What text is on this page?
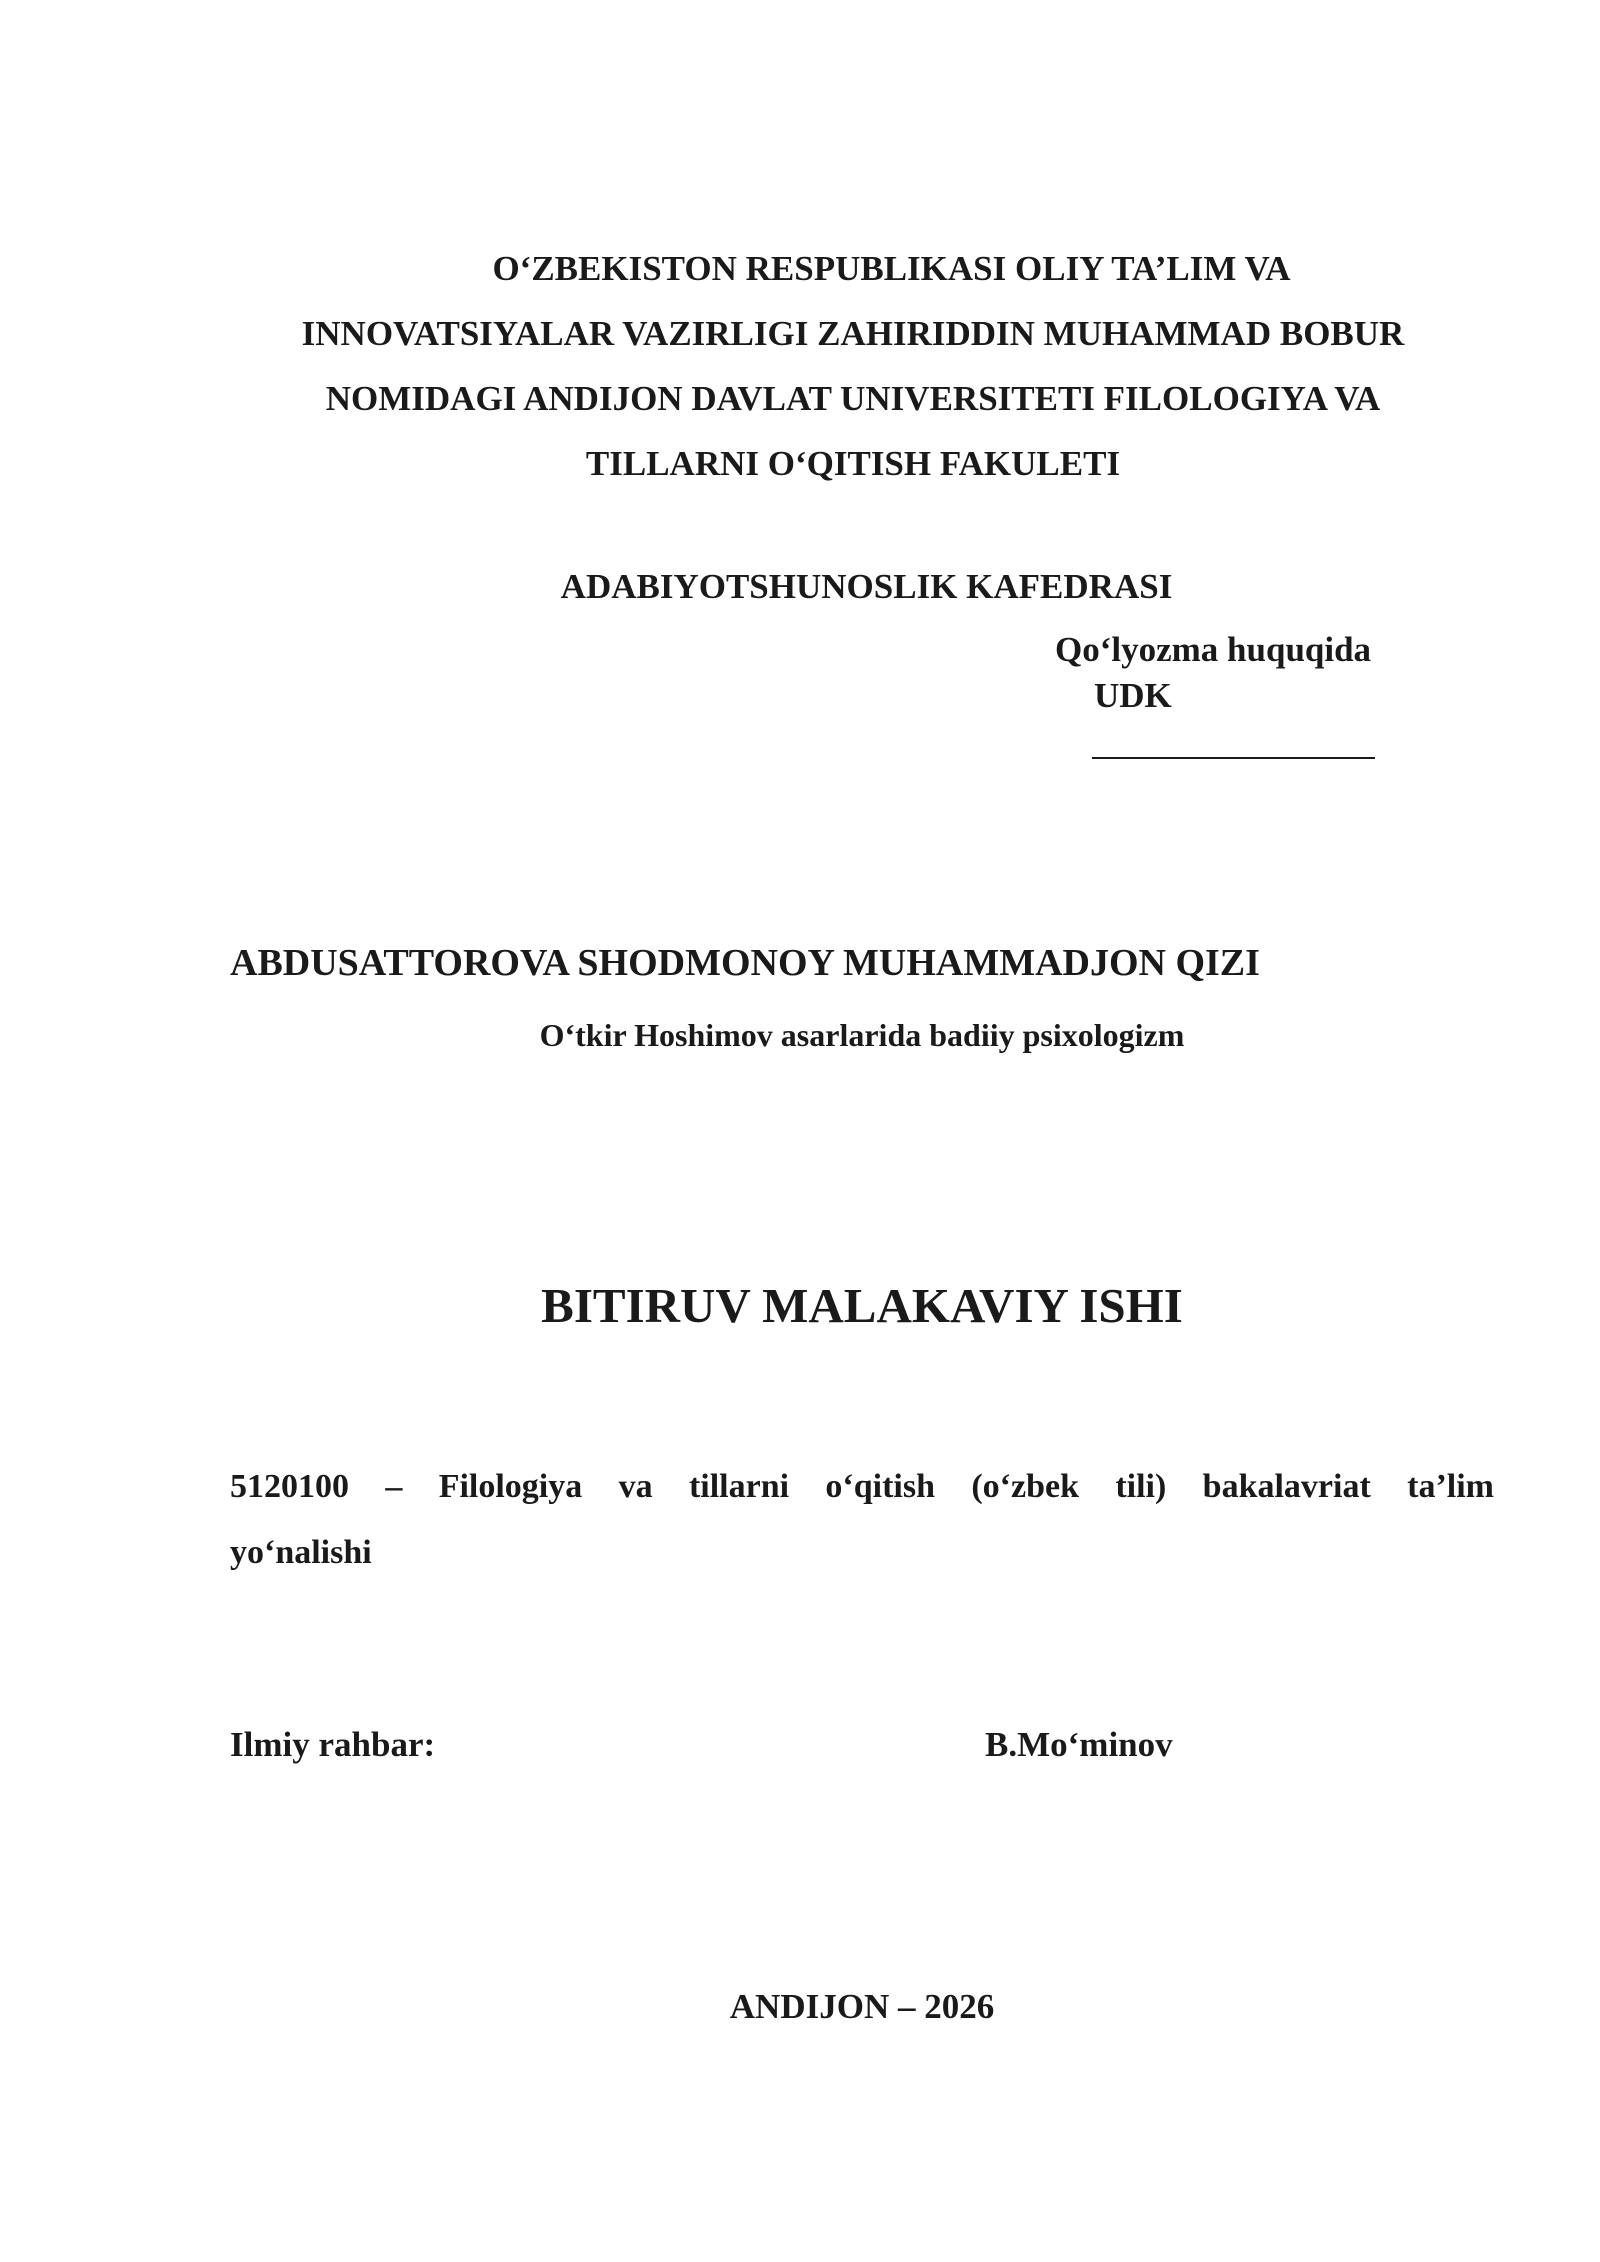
O‘ZBEKISTON RESPUBLIKASI OLIY TA’LIM VA
INNOVATSIYALAR VAZIRLIGI ZAHIRIDDIN MUHAMMAD BOBUR
NOMIDAGI ANDIJON DAVLAT UNIVERSITETI FILOLOGIYA VA
TILLARNI O‘QITISH FAKULETI
ADABIYOTSHUNOSLIK KAFEDRASI
Qo‘lyozma huquqida
UDK
ABDUSATTOROVA SHODMONOY MUHAMMADJON QIZI
O‘tkir Hoshimov asarlarida badiiy psixologizm
BITIRUV MALAKAVIY ISHI
5120100 – Filologiya va tillarni o‘qitish (o‘zbek tili) bakalavriat ta’lim
yo‘nalishi
Ilmiy rahbar:	B.Mo‘minov
ANDIJON – 2026
